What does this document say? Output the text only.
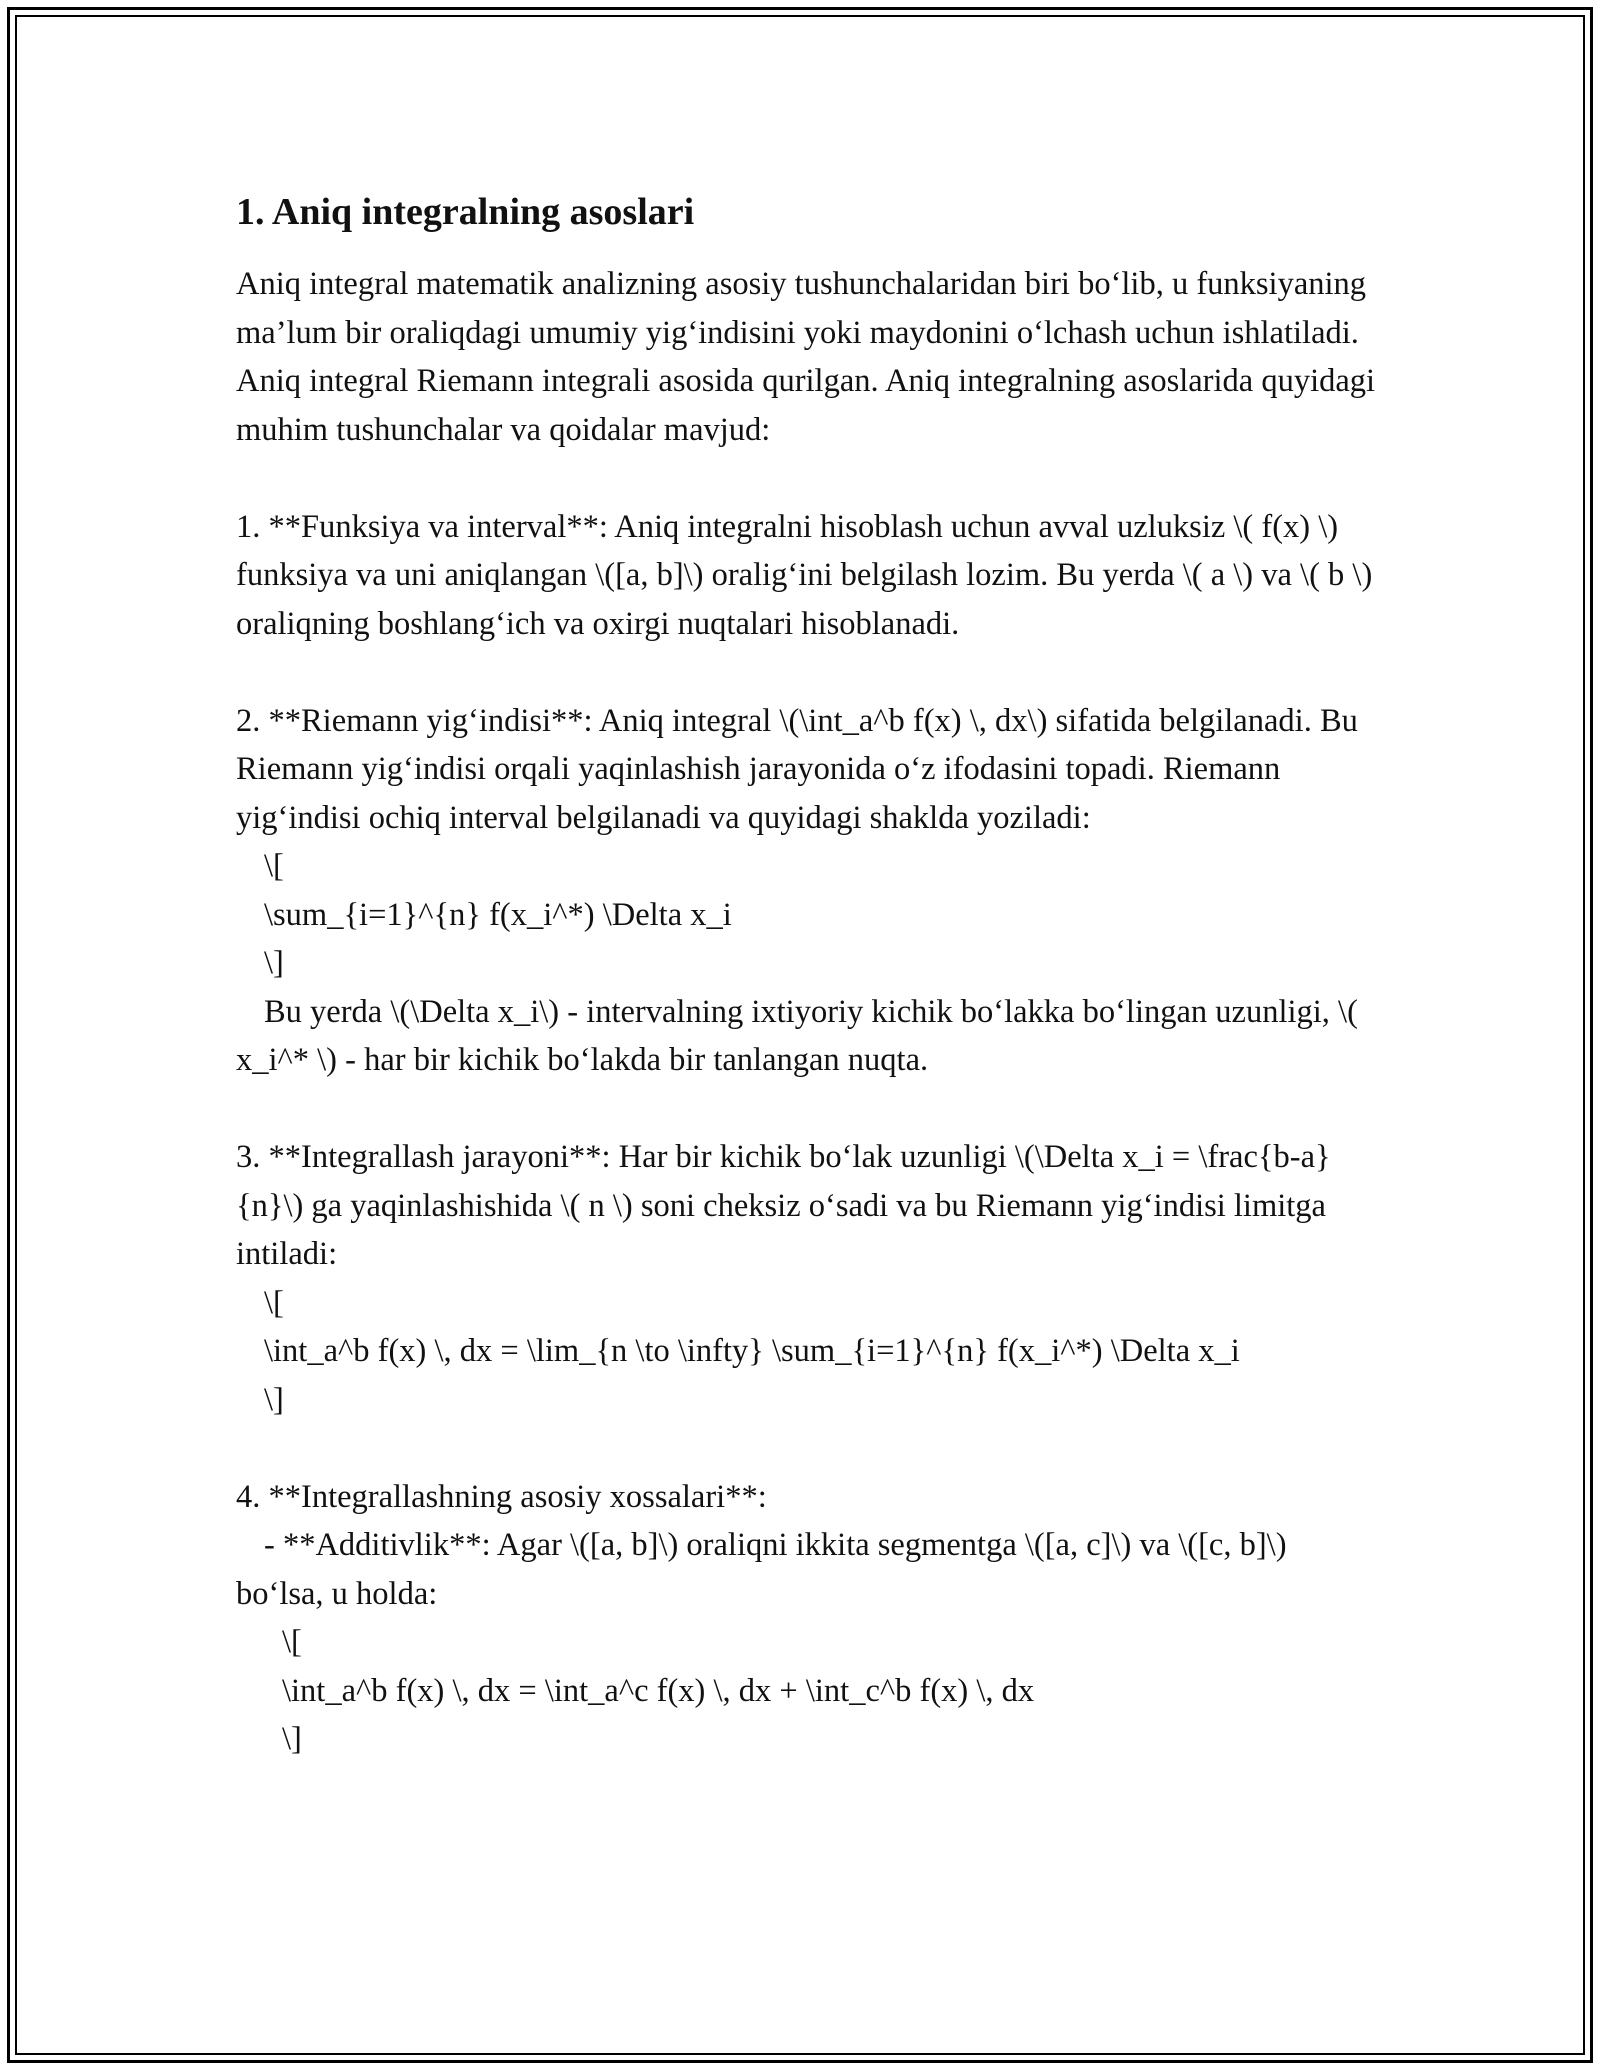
1. Aniq integralning asoslari

Aniq integral matematik analizning asosiy tushunchalaridan biri bo‘lib, u funksiyaning ma’lum bir oraliqdagi umumiy yig‘indisini yoki maydonini o‘lchash uchun ishlatiladi. Aniq integral Riemann integrali asosida qurilgan. Aniq integralning asoslarida quyidagi muhim tushunchalar va qoidalar mavjud:

1. **Funksiya va interval**: Aniq integralni hisoblash uchun avval uzluksiz \( f(x) \) funksiya va uni aniqlangan \([a, b]\) oralig‘ini belgilash lozim. Bu yerda \( a \) va \( b \) oraliqning boshlang‘ich va oxirgi nuqtalari hisoblanadi.

2. **Riemann yig‘indisi**: Aniq integral \(\int_a^b f(x) \, dx\) sifatida belgilanadi. Bu Riemann yig‘indisi orqali yaqinlashish jarayonida o‘z ifodasini topadi. Riemann yig‘indisi ochiq interval belgilanadi va quyidagi shaklda yoziladi:

\[
\sum_{i=1}^{n} f(x_i^*) \Delta x_i
\]

Bu yerda \(\Delta x_i\) - intervalning ixtiyoriy kichik bo‘lakka bo‘lingan uzunligi, \( x_i^* \) - har bir kichik bo‘lakda bir tanlangan nuqta.

3. **Integrallash jarayoni**: Har bir kichik bo‘lak uzunligi \(\Delta x_i = \frac{b-a}{n}\) ga yaqinlashishida \( n \) soni cheksiz o‘sadi va bu Riemann yig‘indisi limitga intiladi:

\[
\int_a^b f(x) \, dx = \lim_{n \to \infty} \sum_{i=1}^{n} f(x_i^*) \Delta x_i
\]

4. **Integrallashning asosiy xossalari**:

- **Additivlik**: Agar \([a, b]\) oraliqni ikkita segmentga \([a, c]\) va \([c, b]\) bo‘lsa, u holda:

\[
\int_a^b f(x) \, dx = \int_a^c f(x) \, dx + \int_c^b f(x) \, dx
\]
